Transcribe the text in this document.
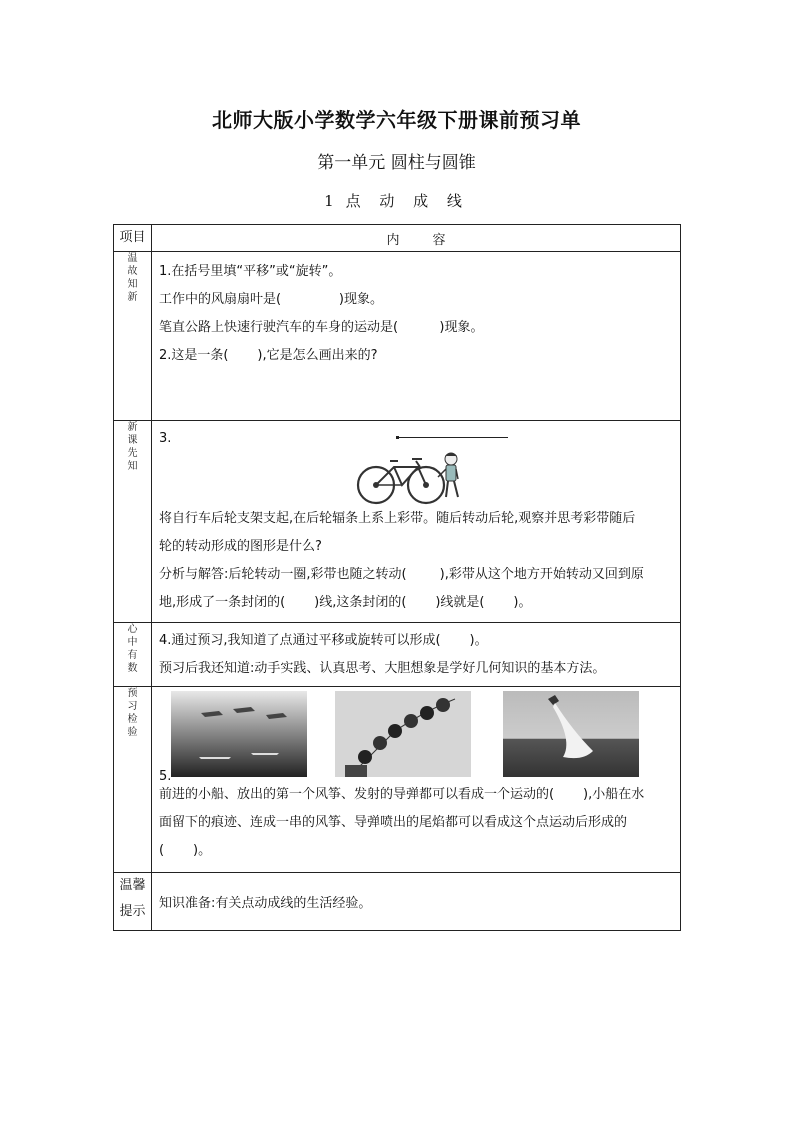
北师大版小学数学六年级下册课前预习单
第一单元 圆柱与圆锥
1 点 动 成 线
项目	内        容
温故知新	1.在括号里填“平移”或“旋转”。
工作中的风扇扇叶是(              )现象。
笔直公路上快速行驶汽车的车身的运动是(          )现象。
2.这是一条(       ),它是怎么画出来的?

新课先知	3.
将自行车后轮支架支起,在后轮辐条上系上彩带。随后转动后轮,观察并思考彩带随后
轮的转动形成的图形是什么?
分析与解答:后轮转动一圈,彩带也随之转动(        ),彩带从这个地方开始转动又回到原
地,形成了一条封闭的(       )线,这条封闭的(       )线就是(       )。

心中有数	4.通过预习,我知道了点通过平移或旋转可以形成(       )。
预习后我还知道:动手实践、认真思考、大胆想象是学好几何知识的基本方法。

预习检验	5.
前进的小船、放出的第一个风筝、发射的导弹都可以看成一个运动的(       ),小船在水
面留下的痕迹、连成一串的风筝、导弹喷出的尾焰都可以看成这个点运动后形成的
(       )。

温馨
提示	知识准备:有关点动成线的生活经验。
